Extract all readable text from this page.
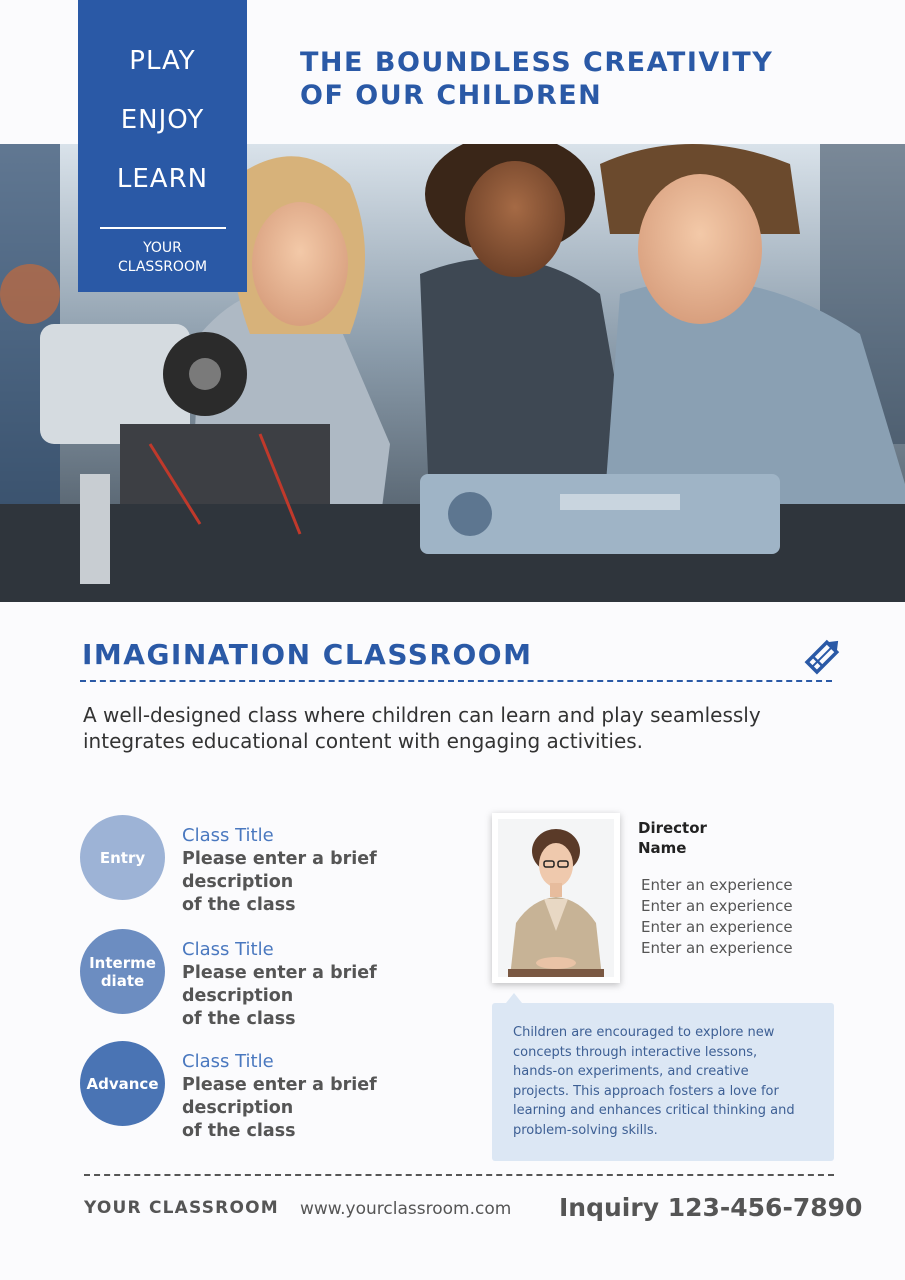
PLAY
ENJOY
LEARN
YOUR
CLASSROOM
THE BOUNDLESS CREATIVITY
OF OUR CHILDREN
IMAGINATION CLASSROOM
A well-designed class where children can learn and play seamlessly
integrates educational content with engaging activities.
Entry
Class Title
Please enter a brief description
of the class
Interme
diate
Class Title
Please enter a brief description
of the class
Advance
Class Title
Please enter a brief description
of the class
Director
Name
Enter an experience
Enter an experience
Enter an experience
Enter an experience
Children are encouraged to explore new
concepts through interactive lessons,
hands-on experiments, and creative
projects. This approach fosters a love for
learning and enhances critical thinking and
problem-solving skills.
YOUR CLASSROOM www.yourclassroom.com Inquiry 123-456-7890
